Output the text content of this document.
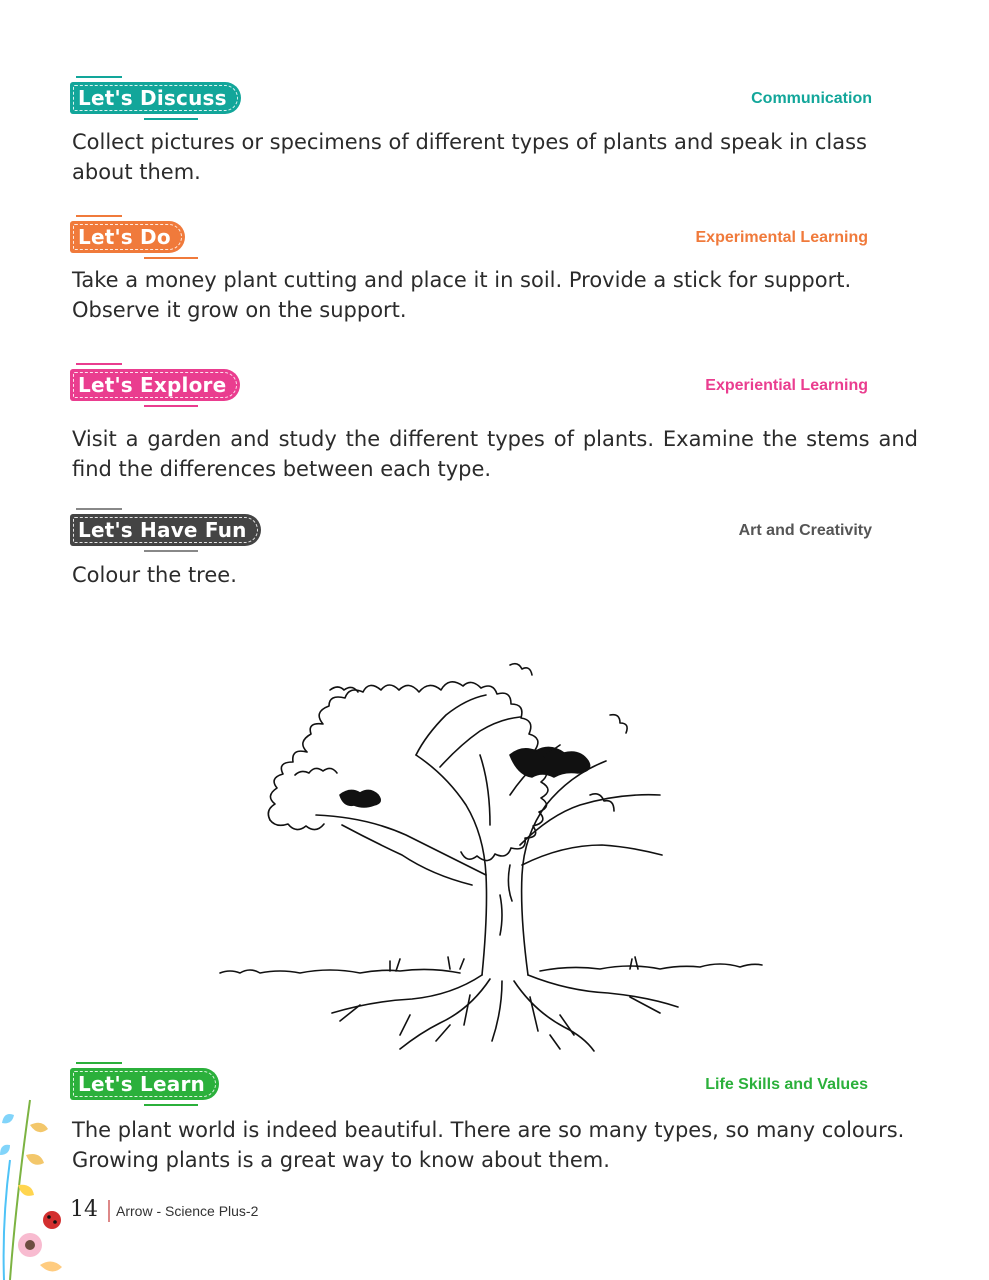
Let's Discuss	Communication

Collect pictures or specimens of different types of plants and speak in class about them.

Let's Do	Experimental Learning

Take a money plant cutting and place it in soil. Provide a stick for support. Observe it grow on the support.

Let's Explore	Experiential Learning

Visit a garden and study the different types of plants. Examine the stems and find the differences between each type.

Let's Have Fun	Art and Creativity

Colour the tree.

Let's Learn	Life Skills and Values

The plant world is indeed beautiful. There are so many types, so many colours. Growing plants is a great way to know about them.

14 Arrow - Science Plus-2
